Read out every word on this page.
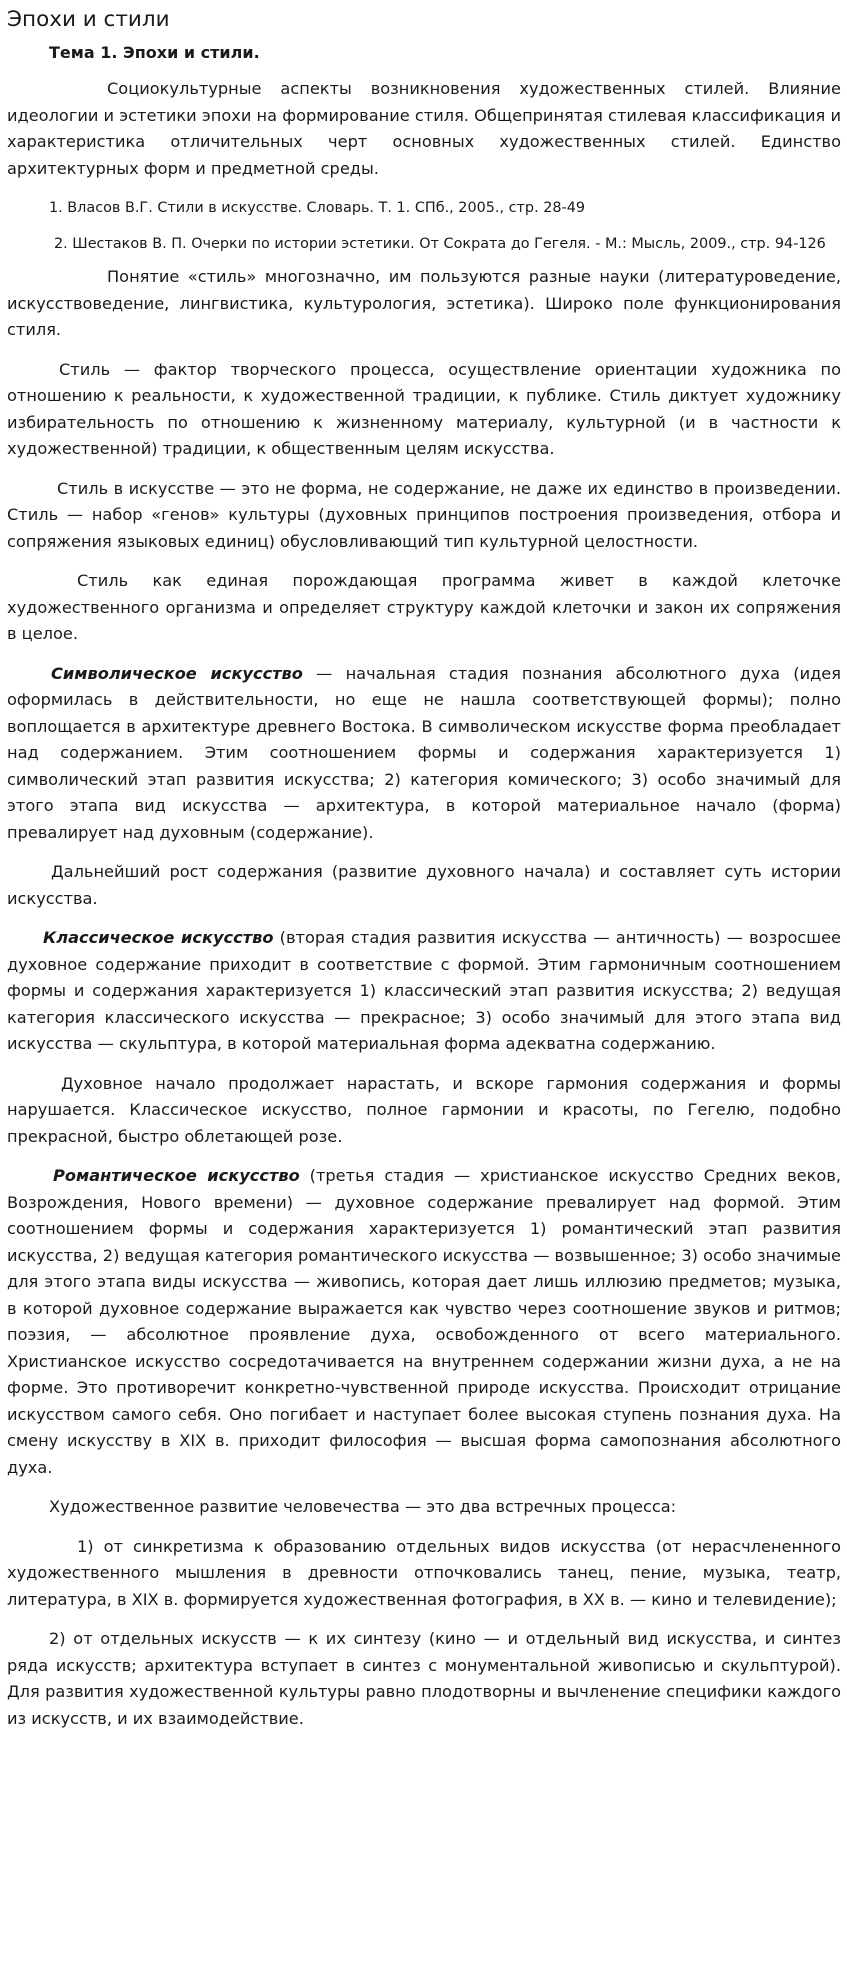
Эпохи и стили
Тема 1. Эпохи и стили.

Социокультурные аспекты возникновения художественных стилей. Влияние идеологии и эстетики эпохи на формирование стиля. Общепринятая стилевая классификация и характеристика отличительных черт основных художественных стилей. Единство архитектурных форм и предметной среды.

1. Власов В.Г. Стили в искусстве. Словарь. Т. 1. СПб., 2005., стр. 28-49

2. Шестаков В. П. Очерки по истории эстетики. От Сократа до Гегеля. - М.: Мысль, 2009., стр. 94-126

Понятие «стиль» многозначно, им пользуются разные науки (литературоведение, искусствоведение, лингвистика, культурология, эстетика). Широко поле функционирования стиля.

Стиль — фактор творческого процесса, осуществление ориентации художника по отношению к реальности, к художественной традиции, к публике. Стиль диктует художнику избирательность по отношению к жизненному материалу, культурной (и в частности к художественной) традиции, к общественным целям искусства.

Стиль в искусстве — это не форма, не содержание, не даже их единство в произведении. Стиль — набор «генов» культуры (духовных принципов построения произведения, отбора и сопряжения языковых единиц) обусловливающий тип культурной целостности.

Стиль как единая порождающая программа живет в каждой клеточке художественного организма и определяет структуру каждой клеточки и закон их сопряжения в целое.

Символическое искусство — начальная стадия познания абсолютного духа (идея оформилась в действительности, но еще не нашла соответствующей формы); полно воплощается в архитектуре древнего Востока. В символическом искусстве форма преобладает над содержанием. Этим соотношением формы и содержания характеризуется 1) символический этап развития искусства; 2) категория комического; 3) особо значимый для этого этапа вид искусства — архитектура, в которой материальное начало (форма) превалирует над духовным (содержание).

Дальнейший рост содержания (развитие духовного начала) и составляет суть истории искусства.

Классическое искусство (вторая стадия развития искусства — античность) — возросшее духовное содержание приходит в соответствие с формой. Этим гармоничным соотношением формы и содержания характеризуется 1) классический этап развития искусства; 2) ведущая категория классического искусства — прекрасное; 3) особо значимый для этого этапа вид искусства — скульптура, в которой материальная форма адекватна содержанию.

Духовное начало продолжает нарастать, и вскоре гармония содержания и формы нарушается. Классическое искусство, полное гармонии и красоты, по Гегелю, подобно прекрасной, быстро облетающей розе.

Романтическое искусство (третья стадия — христианское искусство Средних веков, Возрождения, Нового времени) — духовное содержание превалирует над формой. Этим соотношением формы и содержания характеризуется 1) романтический этап развития искусства, 2) ведущая категория романтического искусства — возвышенное; 3) особо значимые для этого этапа виды искусства — живопись, которая дает лишь иллюзию предметов; музыка, в которой духовное содержание выражается как чувство через соотношение звуков и ритмов; поэзия, — абсолютное проявление духа, освобожденного от всего материального. Христианское искусство сосредотачивается на внутреннем содержании жизни духа, а не на форме. Это противоречит конкретно-чувственной природе искусства. Происходит отрицание искусством самого себя. Оно погибает и наступает более высокая ступень познания духа. На смену искусству в XIX в. приходит философия — высшая форма самопознания абсолютного духа.

Художественное развитие человечества — это два встречных процесса:

1) от синкретизма к образованию отдельных видов искусства (от нерасчлененного художественного мышления в древности отпочковались танец, пение, музыка, театр, литература, в XIX в. формируется художественная фотография, в XX в. — кино и телевидение);

2) от отдельных искусств — к их синтезу (кино — и отдельный вид искусства, и синтез ряда искусств; архитектура вступает в синтез с монументальной живописью и скульптурой). Для развития художественной культуры равно плодотворны и вычленение специфики каждого из искусств, и их взаимодействие.
